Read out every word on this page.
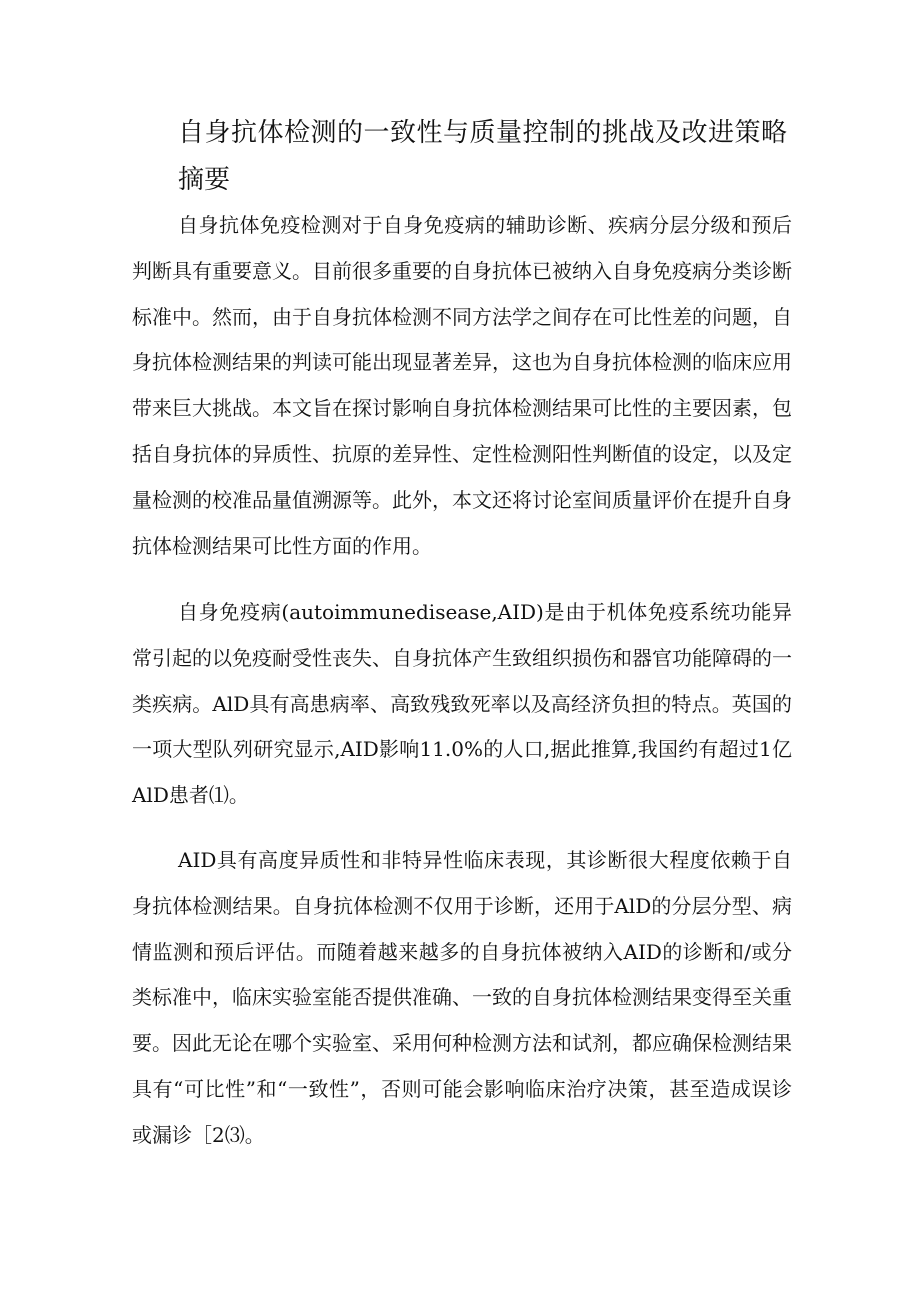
自身抗体检测的一致性与质量控制的挑战及改进策略
摘要

自身抗体免疫检测对于自身免疫病的辅助诊断、疾病分层分级和预后判断具有重要意义。目前很多重要的自身抗体已被纳入自身免疫病分类诊断标准中。然而，由于自身抗体检测不同方法学之间存在可比性差的问题，自身抗体检测结果的判读可能出现显著差异，这也为自身抗体检测的临床应用带来巨大挑战。本文旨在探讨影响自身抗体检测结果可比性的主要因素，包括自身抗体的异质性、抗原的差异性、定性检测阳性判断值的设定，以及定量检测的校准品量值溯源等。此外，本文还将讨论室间质量评价在提升自身抗体检测结果可比性方面的作用。

自身免疫病(autoimmunedisease,AID)是由于机体免疫系统功能异常引起的以免疫耐受性丧失、自身抗体产生致组织损伤和器官功能障碍的一类疾病。AlD具有高患病率、高致残致死率以及高经济负担的特点。英国的一项大型队列研究显示,AID影响11.0%的人口,据此推算,我国约有超过1亿AlD患者⑴。

AID具有高度异质性和非特异性临床表现，其诊断很大程度依赖于自身抗体检测结果。自身抗体检测不仅用于诊断，还用于AlD的分层分型、病情监测和预后评估。而随着越来越多的自身抗体被纳入AID的诊断和/或分类标准中，临床实验室能否提供准确、一致的自身抗体检测结果变得至关重要。因此无论在哪个实验室、采用何种检测方法和试剂，都应确保检测结果具有“可比性”和“一致性”，否则可能会影响临床治疗决策，甚至造成误诊或漏诊［2⑶。
